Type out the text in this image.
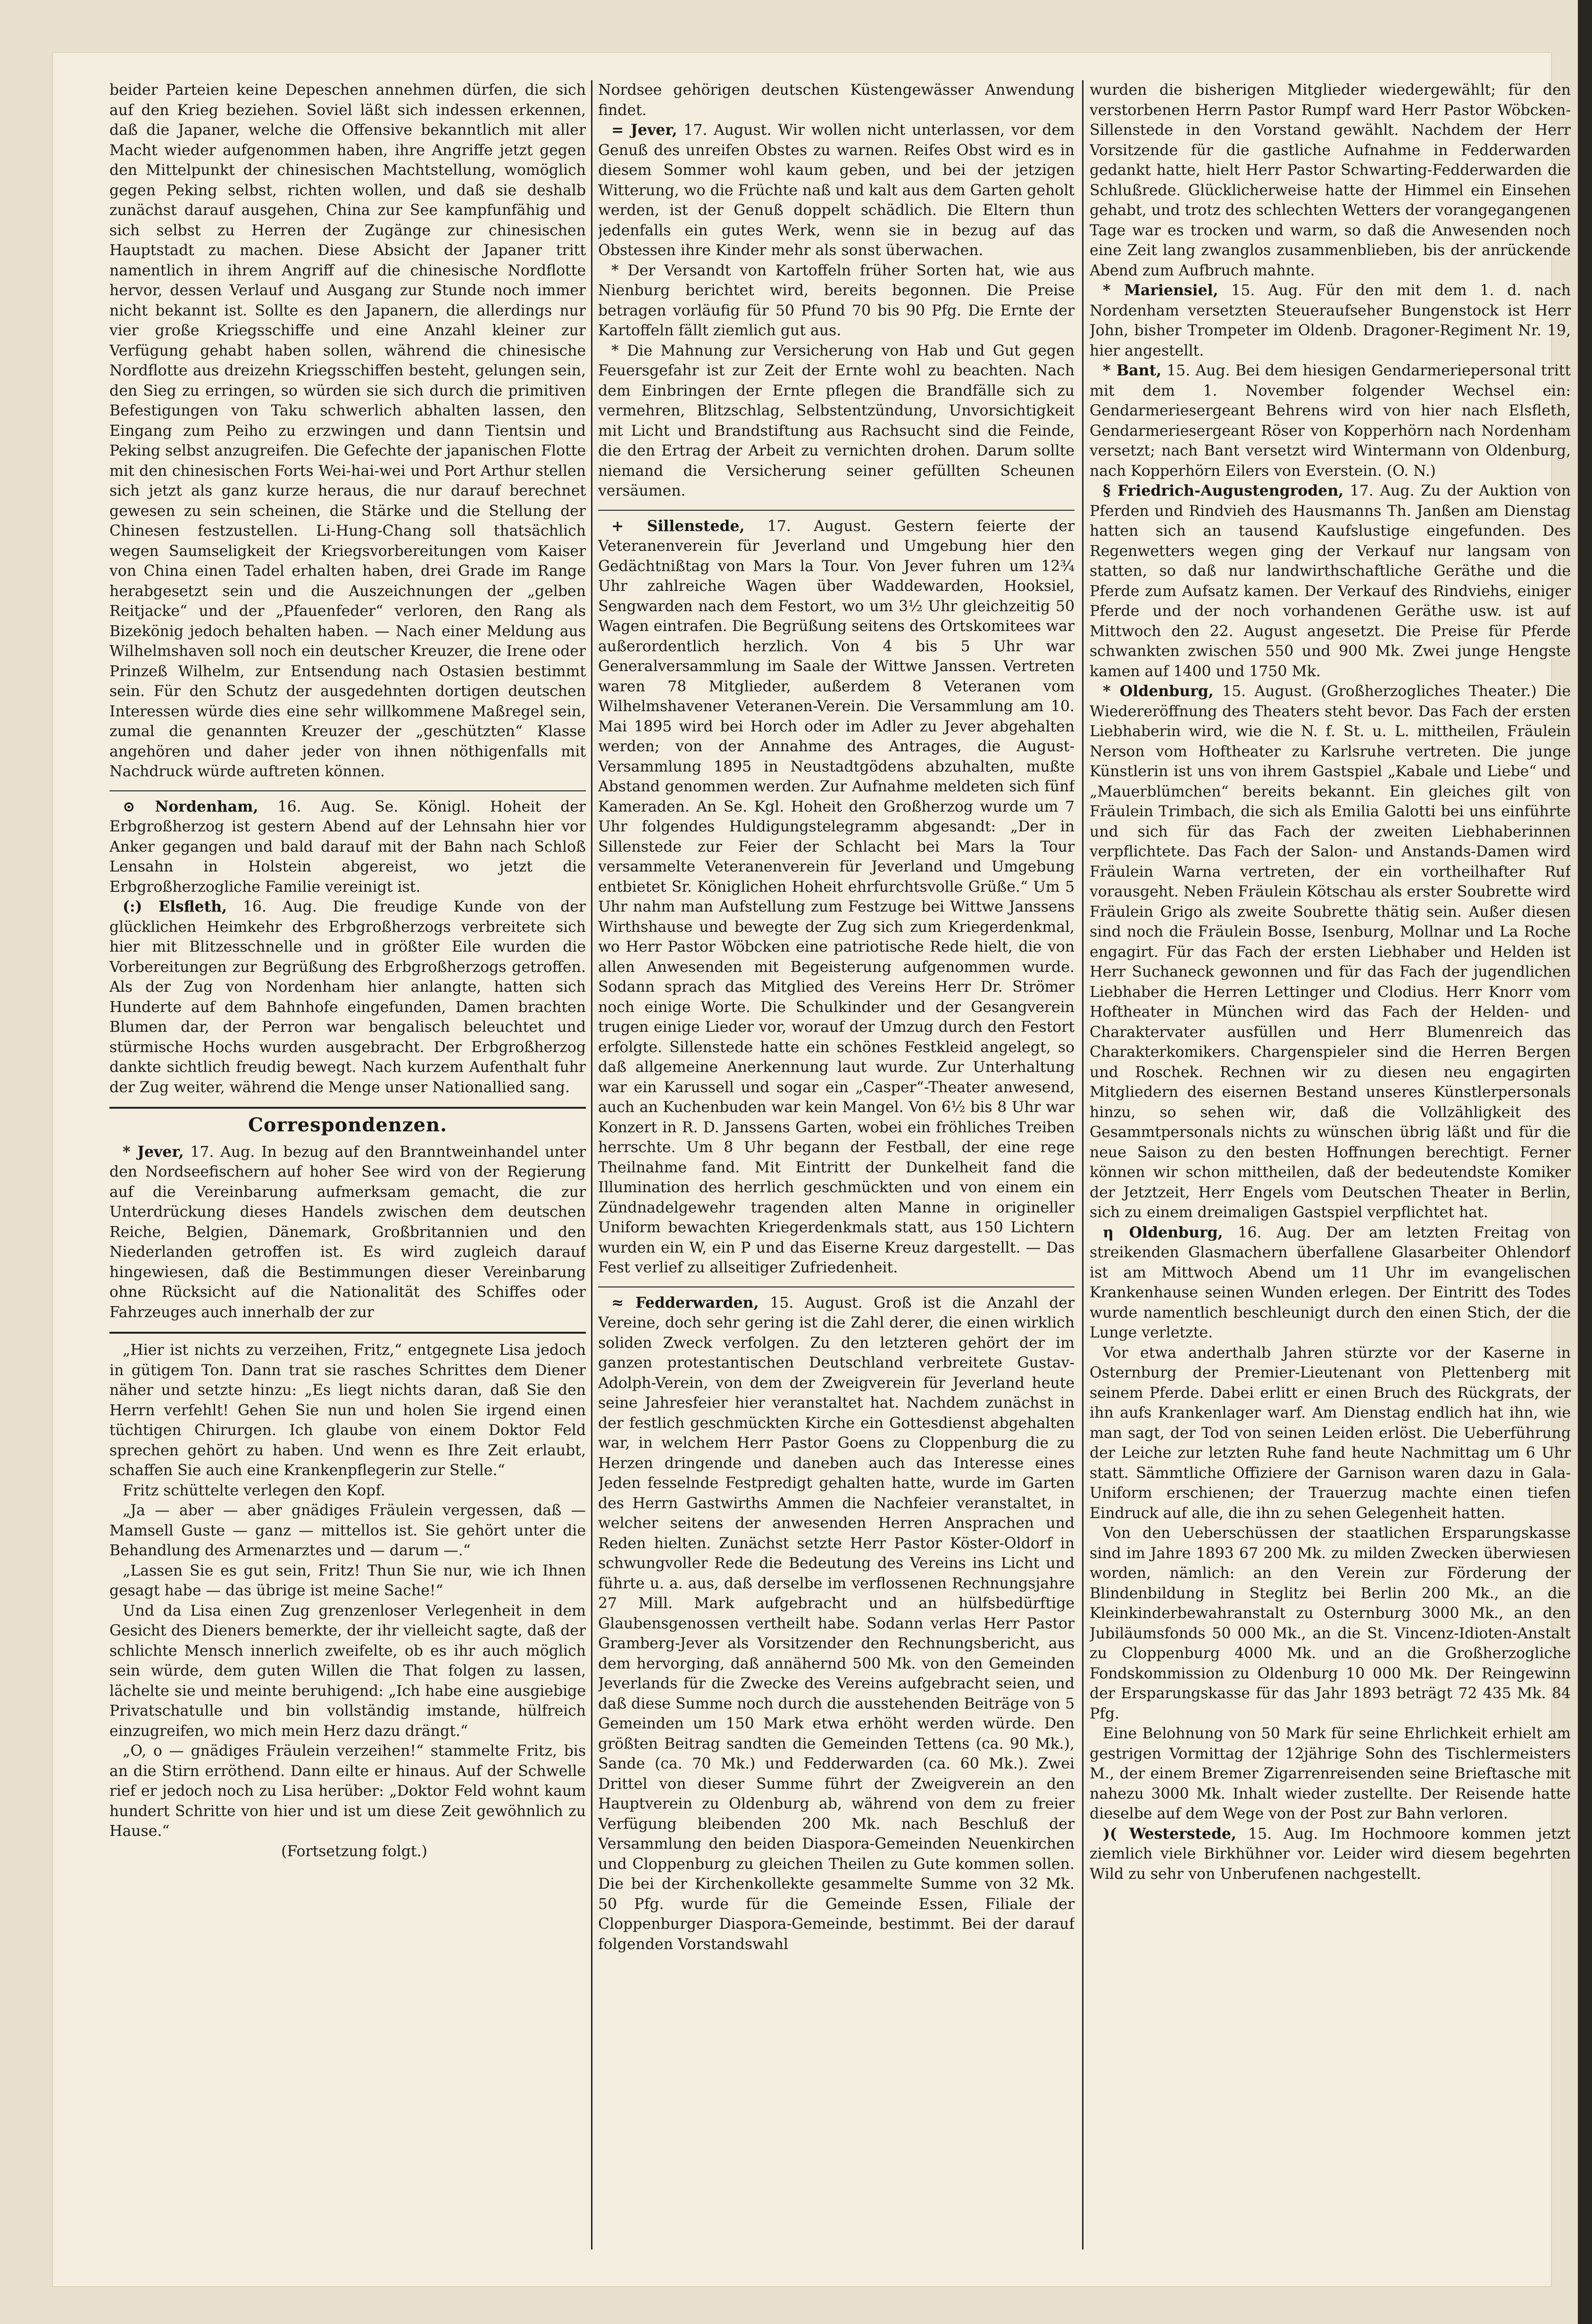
beider Parteien keine Depeschen annehmen dürfen, die sich auf den Krieg beziehen. Soviel läßt sich indessen erkennen, daß die Japaner, welche die Offensive bekanntlich mit aller Macht wieder aufgenommen haben, ihre Angriffe jetzt gegen den Mittelpunkt der chinesischen Machtstellung, womöglich gegen Peking selbst, richten wollen, und daß sie deshalb zunächst darauf ausgehen, China zur See kampfunfähig und sich selbst zu Herren der Zugänge zur chinesischen Hauptstadt zu machen. Diese Absicht der Japaner tritt namentlich in ihrem Angriff auf die chinesische Nordflotte hervor, dessen Verlauf und Ausgang zur Stunde noch immer nicht bekannt ist. Sollte es den Japanern, die allerdings nur vier große Kriegsschiffe und eine Anzahl kleiner zur Verfügung gehabt haben sollen, während die chinesische Nordflotte aus dreizehn Kriegsschiffen besteht, gelungen sein, den Sieg zu erringen, so würden sie sich durch die primitiven Befestigungen von Taku schwerlich abhalten lassen, den Eingang zum Peiho zu erzwingen und dann Tientsin und Peking selbst anzugreifen. Die Gefechte der japanischen Flotte mit den chinesischen Forts Wei-hai-wei und Port Arthur stellen sich jetzt als ganz kurze heraus, die nur darauf berechnet gewesen zu sein scheinen, die Stärke und die Stellung der Chinesen festzustellen. Li-Hung-Chang soll thatsächlich wegen Saumseligkeit der Kriegsvorbereitungen vom Kaiser von China einen Tadel erhalten haben, drei Grade im Range herabgesetzt sein und die Auszeichnungen der „gelben Reitjacke“ und der „Pfauenfeder“ verloren, den Rang als Bizekönig jedoch behalten haben. — Nach einer Meldung aus Wilhelmshaven soll noch ein deutscher Kreuzer, die Irene oder Prinzeß Wilhelm, zur Entsendung nach Ostasien bestimmt sein. Für den Schutz der ausgedehnten dortigen deutschen Interessen würde dies eine sehr willkommene Maßregel sein, zumal die genannten Kreuzer der „geschützten“ Klasse angehören und daher jeder von ihnen nöthigenfalls mit Nachdruck würde auftreten können.

⊙ Nordenham, 16. Aug. Se. Königl. Hoheit der Erbgroßherzog ist gestern Abend auf der Lehnsahn hier vor Anker gegangen und bald darauf mit der Bahn nach Schloß Lensahn in Holstein abgereist, wo jetzt die Erbgroßherzogliche Familie vereinigt ist.

(:) Elsfleth, 16. Aug. Die freudige Kunde von der glücklichen Heimkehr des Erbgroßherzogs verbreitete sich hier mit Blitzesschnelle und in größter Eile wurden die Vorbereitungen zur Begrüßung des Erbgroßherzogs getroffen. Als der Zug von Nordenham hier anlangte, hatten sich Hunderte auf dem Bahnhofe eingefunden, Damen brachten Blumen dar, der Perron war bengalisch beleuchtet und stürmische Hochs wurden ausgebracht. Der Erbgroßherzog dankte sichtlich freudig bewegt. Nach kurzem Aufenthalt fuhr der Zug weiter, während die Menge unser Nationallied sang.

Correspondenzen.

* Jever, 17. Aug. In bezug auf den Branntweinhandel unter den Nordseefischern auf hoher See wird von der Regierung auf die Vereinbarung aufmerksam gemacht, die zur Unterdrückung dieses Handels zwischen dem deutschen Reiche, Belgien, Dänemark, Großbritannien und den Niederlanden getroffen ist. Es wird zugleich darauf hingewiesen, daß die Bestimmungen dieser Vereinbarung ohne Rücksicht auf die Nationalität des Schiffes oder Fahrzeuges auch innerhalb der zur

„Hier ist nichts zu verzeihen, Fritz,“ entgegnete Lisa jedoch in gütigem Ton. Dann trat sie rasches Schrittes dem Diener näher und setzte hinzu: „Es liegt nichts daran, daß Sie den Herrn verfehlt! Gehen Sie nun und holen Sie irgend einen tüchtigen Chirurgen. Ich glaube von einem Doktor Feld sprechen gehört zu haben. Und wenn es Ihre Zeit erlaubt, schaffen Sie auch eine Krankenpflegerin zur Stelle.“

Fritz schüttelte verlegen den Kopf.

„Ja — aber — aber gnädiges Fräulein vergessen, daß — Mamsell Guste — ganz — mittellos ist. Sie gehört unter die Behandlung des Armenarztes und — darum —.“

„Lassen Sie es gut sein, Fritz! Thun Sie nur, wie ich Ihnen gesagt habe — das übrige ist meine Sache!“

Und da Lisa einen Zug grenzenloser Verlegenheit in dem Gesicht des Dieners bemerkte, der ihr vielleicht sagte, daß der schlichte Mensch innerlich zweifelte, ob es ihr auch möglich sein würde, dem guten Willen die That folgen zu lassen, lächelte sie und meinte beruhigend: „Ich habe eine ausgiebige Privatschatulle und bin vollständig imstande, hülfreich einzugreifen, wo mich mein Herz dazu drängt.“

„O, o — gnädiges Fräulein verzeihen!“ stammelte Fritz, bis an die Stirn erröthend. Dann eilte er hinaus. Auf der Schwelle rief er jedoch noch zu Lisa herüber: „Doktor Feld wohnt kaum hundert Schritte von hier und ist um diese Zeit gewöhnlich zu Hause.“

(Fortsetzung folgt.)

Nordsee gehörigen deutschen Küstengewässer Anwendung findet.

= Jever, 17. August. Wir wollen nicht unterlassen, vor dem Genuß des unreifen Obstes zu warnen. Reifes Obst wird es in diesem Sommer wohl kaum geben, und bei der jetzigen Witterung, wo die Früchte naß und kalt aus dem Garten geholt werden, ist der Genuß doppelt schädlich. Die Eltern thun jedenfalls ein gutes Werk, wenn sie in bezug auf das Obstessen ihre Kinder mehr als sonst überwachen.

* Der Versandt von Kartoffeln früher Sorten hat, wie aus Nienburg berichtet wird, bereits begonnen. Die Preise betragen vorläufig für 50 Pfund 70 bis 90 Pfg. Die Ernte der Kartoffeln fällt ziemlich gut aus.

* Die Mahnung zur Versicherung von Hab und Gut gegen Feuersgefahr ist zur Zeit der Ernte wohl zu beachten. Nach dem Einbringen der Ernte pflegen die Brandfälle sich zu vermehren, Blitzschlag, Selbstentzündung, Unvorsichtigkeit mit Licht und Brandstiftung aus Rachsucht sind die Feinde, die den Ertrag der Arbeit zu vernichten drohen. Darum sollte niemand die Versicherung seiner gefüllten Scheunen versäumen.

+ Sillenstede, 17. August. Gestern feierte der Veteranenverein für Jeverland und Umgebung hier den Gedächtnißtag von Mars la Tour. Von Jever fuhren um 12¾ Uhr zahlreiche Wagen über Waddewarden, Hooksiel, Sengwarden nach dem Festort, wo um 3½ Uhr gleichzeitig 50 Wagen eintrafen. Die Begrüßung seitens des Ortskomitees war außerordentlich herzlich. Von 4 bis 5 Uhr war Generalversammlung im Saale der Wittwe Janssen. Vertreten waren 78 Mitglieder, außerdem 8 Veteranen vom Wilhelmshavener Veteranen-Verein. Die Versammlung am 10. Mai 1895 wird bei Horch oder im Adler zu Jever abgehalten werden; von der Annahme des Antrages, die August-Versammlung 1895 in Neustadtgödens abzuhalten, mußte Abstand genommen werden. Zur Aufnahme meldeten sich fünf Kameraden. An Se. Kgl. Hoheit den Großherzog wurde um 7 Uhr folgendes Huldigungstelegramm abgesandt: „Der in Sillenstede zur Feier der Schlacht bei Mars la Tour versammelte Veteranenverein für Jeverland und Umgebung entbietet Sr. Königlichen Hoheit ehrfurchtsvolle Grüße.“ Um 5 Uhr nahm man Aufstellung zum Festzuge bei Wittwe Janssens Wirthshause und bewegte der Zug sich zum Kriegerdenkmal, wo Herr Pastor Wöbcken eine patriotische Rede hielt, die von allen Anwesenden mit Begeisterung aufgenommen wurde. Sodann sprach das Mitglied des Vereins Herr Dr. Strömer noch einige Worte. Die Schulkinder und der Gesangverein trugen einige Lieder vor, worauf der Umzug durch den Festort erfolgte. Sillenstede hatte ein schönes Festkleid angelegt, so daß allgemeine Anerkennung laut wurde. Zur Unterhaltung war ein Karussell und sogar ein „Casper“-Theater anwesend, auch an Kuchenbuden war kein Mangel. Von 6½ bis 8 Uhr war Konzert in R. D. Janssens Garten, wobei ein fröhliches Treiben herrschte. Um 8 Uhr begann der Festball, der eine rege Theilnahme fand. Mit Eintritt der Dunkelheit fand die Illumination des herrlich geschmückten und von einem ein Zündnadelgewehr tragenden alten Manne in origineller Uniform bewachten Kriegerdenkmals statt, aus 150 Lichtern wurden ein W, ein P und das Eiserne Kreuz dargestellt. — Das Fest verlief zu allseitiger Zufriedenheit.

≈ Fedderwarden, 15. August. Groß ist die Anzahl der Vereine, doch sehr gering ist die Zahl derer, die einen wirklich soliden Zweck verfolgen. Zu den letzteren gehört der im ganzen protestantischen Deutschland verbreitete Gustav-Adolph-Verein, von dem der Zweigverein für Jeverland heute seine Jahresfeier hier veranstaltet hat. Nachdem zunächst in der festlich geschmückten Kirche ein Gottesdienst abgehalten war, in welchem Herr Pastor Goens zu Cloppenburg die zu Herzen dringende und daneben auch das Interesse eines Jeden fesselnde Festpredigt gehalten hatte, wurde im Garten des Herrn Gastwirths Ammen die Nachfeier veranstaltet, in welcher seitens der anwesenden Herren Ansprachen und Reden hielten. Zunächst setzte Herr Pastor Köster-Oldorf in schwungvoller Rede die Bedeutung des Vereins ins Licht und führte u. a. aus, daß derselbe im verflossenen Rechnungsjahre 27 Mill. Mark aufgebracht und an hülfsbedürftige Glaubensgenossen vertheilt habe. Sodann verlas Herr Pastor Gramberg-Jever als Vorsitzender den Rechnungsbericht, aus dem hervorging, daß annähernd 500 Mk. von den Gemeinden Jeverlands für die Zwecke des Vereins aufgebracht seien, und daß diese Summe noch durch die ausstehenden Beiträge von 5 Gemeinden um 150 Mark etwa erhöht werden würde. Den größten Beitrag sandten die Gemeinden Tettens (ca. 90 Mk.), Sande (ca. 70 Mk.) und Fedderwarden (ca. 60 Mk.). Zwei Drittel von dieser Summe führt der Zweigverein an den Hauptverein zu Oldenburg ab, während von dem zu freier Verfügung bleibenden 200 Mk. nach Beschluß der Versammlung den beiden Diaspora-Gemeinden Neuenkirchen und Cloppenburg zu gleichen Theilen zu Gute kommen sollen. Die bei der Kirchenkollekte gesammelte Summe von 32 Mk. 50 Pfg. wurde für die Gemeinde Essen, Filiale der Cloppenburger Diaspora-Gemeinde, bestimmt. Bei der darauf folgenden Vorstandswahl

wurden die bisherigen Mitglieder wiedergewählt; für den verstorbenen Herrn Pastor Rumpf ward Herr Pastor Wöbcken-Sillenstede in den Vorstand gewählt. Nachdem der Herr Vorsitzende für die gastliche Aufnahme in Fedderwarden gedankt hatte, hielt Herr Pastor Schwarting-Fedderwarden die Schlußrede. Glücklicherweise hatte der Himmel ein Einsehen gehabt, und trotz des schlechten Wetters der vorangegangenen Tage war es trocken und warm, so daß die Anwesenden noch eine Zeit lang zwanglos zusammenblieben, bis der anrückende Abend zum Aufbruch mahnte.

* Mariensiel, 15. Aug. Für den mit dem 1. d. nach Nordenham versetzten Steueraufseher Bungenstock ist Herr John, bisher Trompeter im Oldenb. Dragoner-Regiment Nr. 19, hier angestellt.

* Bant, 15. Aug. Bei dem hiesigen Gendarmeriepersonal tritt mit dem 1. November folgender Wechsel ein: Gendarmeriesergeant Behrens wird von hier nach Elsfleth, Gendarmeriesergeant Röser von Kopperhörn nach Nordenham versetzt; nach Bant versetzt wird Wintermann von Oldenburg, nach Kopperhörn Eilers von Everstein. (O. N.)

§ Friedrich-Augustengroden, 17. Aug. Zu der Auktion von Pferden und Rindvieh des Hausmanns Th. Janßen am Dienstag hatten sich an tausend Kaufslustige eingefunden. Des Regenwetters wegen ging der Verkauf nur langsam von statten, so daß nur landwirthschaftliche Geräthe und die Pferde zum Aufsatz kamen. Der Verkauf des Rindviehs, einiger Pferde und der noch vorhandenen Geräthe usw. ist auf Mittwoch den 22. August angesetzt. Die Preise für Pferde schwankten zwischen 550 und 900 Mk. Zwei junge Hengste kamen auf 1400 und 1750 Mk.

* Oldenburg, 15. August. (Großherzogliches Theater.) Die Wiedereröffnung des Theaters steht bevor. Das Fach der ersten Liebhaberin wird, wie die N. f. St. u. L. mittheilen, Fräulein Nerson vom Hoftheater zu Karlsruhe vertreten. Die junge Künstlerin ist uns von ihrem Gastspiel „Kabale und Liebe“ und „Mauerblümchen“ bereits bekannt. Ein gleiches gilt von Fräulein Trimbach, die sich als Emilia Galotti bei uns einführte und sich für das Fach der zweiten Liebhaberinnen verpflichtete. Das Fach der Salon- und Anstands-Damen wird Fräulein Warna vertreten, der ein vortheilhafter Ruf vorausgeht. Neben Fräulein Kötschau als erster Soubrette wird Fräulein Grigo als zweite Soubrette thätig sein. Außer diesen sind noch die Fräulein Bosse, Isenburg, Mollnar und La Roche engagirt. Für das Fach der ersten Liebhaber und Helden ist Herr Suchaneck gewonnen und für das Fach der jugendlichen Liebhaber die Herren Lettinger und Clodius. Herr Knorr vom Hoftheater in München wird das Fach der Helden- und Charaktervater ausfüllen und Herr Blumenreich das Charakterkomikers. Chargenspieler sind die Herren Bergen und Roschek. Rechnen wir zu diesen neu engagirten Mitgliedern des eisernen Bestand unseres Künstlerpersonals hinzu, so sehen wir, daß die Vollzähligkeit des Gesammtpersonals nichts zu wünschen übrig läßt und für die neue Saison zu den besten Hoffnungen berechtigt. Ferner können wir schon mittheilen, daß der bedeutendste Komiker der Jetztzeit, Herr Engels vom Deutschen Theater in Berlin, sich zu einem dreimaligen Gastspiel verpflichtet hat.

η Oldenburg, 16. Aug. Der am letzten Freitag von streikenden Glasmachern überfallene Glasarbeiter Ohlendorf ist am Mittwoch Abend um 11 Uhr im evangelischen Krankenhause seinen Wunden erlegen. Der Eintritt des Todes wurde namentlich beschleunigt durch den einen Stich, der die Lunge verletzte.

Vor etwa anderthalb Jahren stürzte vor der Kaserne in Osternburg der Premier-Lieutenant von Plettenberg mit seinem Pferde. Dabei erlitt er einen Bruch des Rückgrats, der ihn aufs Krankenlager warf. Am Dienstag endlich hat ihn, wie man sagt, der Tod von seinen Leiden erlöst. Die Ueberführung der Leiche zur letzten Ruhe fand heute Nachmittag um 6 Uhr statt. Sämmtliche Offiziere der Garnison waren dazu in Gala-Uniform erschienen; der Trauerzug machte einen tiefen Eindruck auf alle, die ihn zu sehen Gelegenheit hatten.

Von den Ueberschüssen der staatlichen Ersparungskasse sind im Jahre 1893 67 200 Mk. zu milden Zwecken überwiesen worden, nämlich: an den Verein zur Förderung der Blindenbildung in Steglitz bei Berlin 200 Mk., an die Kleinkinderbewahranstalt zu Osternburg 3000 Mk., an den Jubiläumsfonds 50 000 Mk., an die St. Vincenz-Idioten-Anstalt zu Cloppenburg 4000 Mk. und an die Großherzogliche Fondskommission zu Oldenburg 10 000 Mk. Der Reingewinn der Ersparungskasse für das Jahr 1893 beträgt 72 435 Mk. 84 Pfg.

Eine Belohnung von 50 Mark für seine Ehrlichkeit erhielt am gestrigen Vormittag der 12jährige Sohn des Tischlermeisters M., der einem Bremer Zigarrenreisenden seine Brieftasche mit nahezu 3000 Mk. Inhalt wieder zustellte. Der Reisende hatte dieselbe auf dem Wege von der Post zur Bahn verloren.

)( Westerstede, 15. Aug. Im Hochmoore kommen jetzt ziemlich viele Birkhühner vor. Leider wird diesem begehrten Wild zu sehr von Unberufenen nachgestellt.
